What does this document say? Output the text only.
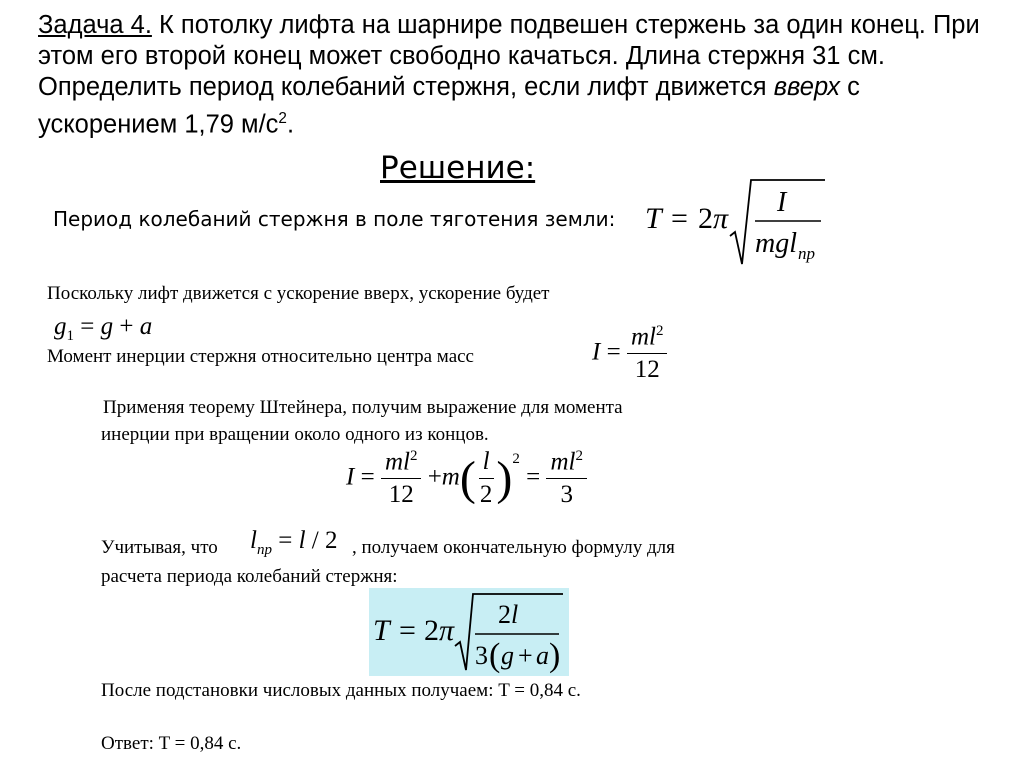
Задача 4. К потолку лифта на шарнире подвешен стержень за один конец. При этом его второй конец может свободно качаться. Длина стержня 31 см. Определить период колебаний стержня, если лифт движется вверх с ускорением 1,79 $м/с^2$.
Решение:
Период колебаний стержня в поле тяготения земли: T = 2 π I
mgl пр
Поскольку лифт движется с ускорение вверх, ускорение будет
$g_1 = g + a$
Момент инерции стержня относительно центра масс	$I = \frac{ml^2}{12}$
Применяя теорему Штейнера, получим выражение для момента
инерции при вращении около одного из концов.
$I = \frac{ml^2}{12} +m( \frac{l}{2} )^2 = \frac{ml^2}{3}$
Учитывая, что $l_{пр} = l / 2$ , получаем окончательную формулу для
расчета периода колебаний стержня:
T = 2 π 2 l
3 ( g + a )
После подстановки числовых данных получаем: T = 0,84 с.
Ответ: T = 0,84 с.
